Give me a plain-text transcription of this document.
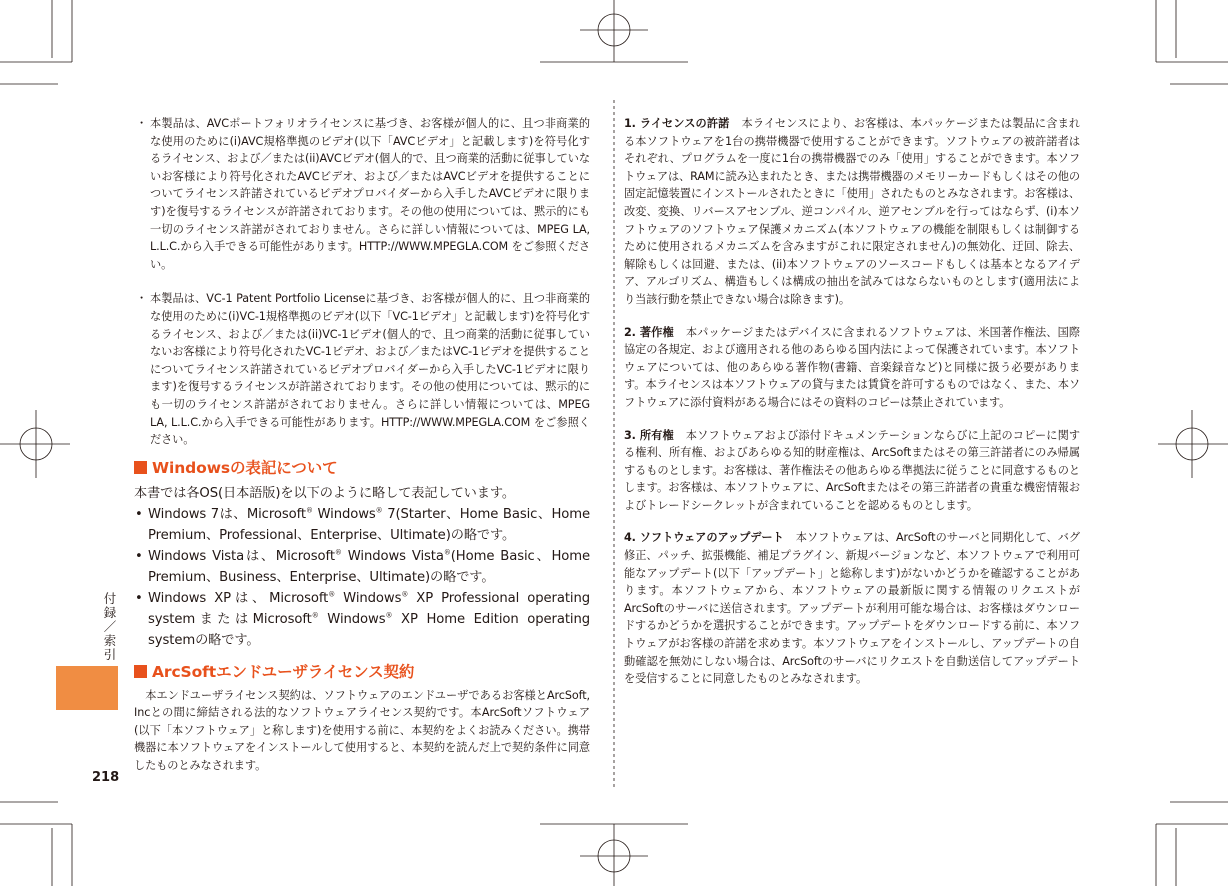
付
録
／
索
引
218
・ 本製品は、AVCポートフォリオライセンスに基づき、お客様が個人的に、且つ非商業的な使用のために(i)AVC規格準拠のビデオ(以下「AVCビデオ」と記載します)を符号化するライセンス、および／または(ii)AVCビデオ(個人的で、且つ商業的活動に従事していないお客様により符号化されたAVCビデオ、および／またはAVCビデオを提供することについてライセンス許諾されているビデオプロバイダーから入手したAVCビデオに限ります)を復号するライセンスが許諾されております。その他の使用については、黙示的にも一切のライセンス許諾がされておりません。さらに詳しい情報については、MPEG LA, L.L.C.から入手できる可能性があります。HTTP://WWW.MPEGLA.COM をご参照ください。
・ 本製品は、VC-1 Patent Portfolio Licenseに基づき、お客様が個人的に、且つ非商業的な使用のために(i)VC-1規格準拠のビデオ(以下「VC-1ビデオ」と記載します)を符号化するライセンス、および／または(ii)VC-1ビデオ(個人的で、且つ商業的活動に従事していないお客様により符号化されたVC-1ビデオ、および／またはVC-1ビデオを提供することについてライセンス許諾されているビデオプロバイダーから入手したVC-1ビデオに限ります)を復号するライセンスが許諾されております。その他の使用については、黙示的にも一切のライセンス許諾がされておりません。さらに詳しい情報については、MPEG LA, L.L.C.から入手できる可能性があります。HTTP://WWW.MPEGLA.COM をご参照ください。
Windowsの表記について
本書では各OS(日本語版)を以下のように略して表記しています。
• Windows 7は、Microsoft® Windows® 7(Starter、Home Basic、Home Premium、Professional、Enterprise、Ultimate)の略です。
• Windows Vistaは、Microsoft® Windows Vista®(Home Basic、Home Premium、Business、Enterprise、Ultimate)の略です。
• Windows XPは、Microsoft® Windows® XP Professional operating systemまたはMicrosoft® Windows® XP Home Edition operating systemの略です。
ArcSoftエンドユーザライセンス契約
本エンドユーザライセンス契約は、ソフトウェアのエンドユーザであるお客様とArcSoft, Incとの間に締結される法的なソフトウェアライセンス契約です。本ArcSoftソフトウェア(以下「本ソフトウェア」と称します)を使用する前に、本契約をよくお読みください。携帯機器に本ソフトウェアをインストールして使用すると、本契約を読んだ上で契約条件に同意したものとみなされます。
1. ライセンスの許諾 本ライセンスにより、お客様は、本パッケージまたは製品に含まれる本ソフトウェアを1台の携帯機器で使用することができます。ソフトウェアの被許諾者はそれぞれ、プログラムを一度に1台の携帯機器でのみ「使用」することができます。本ソフトウェアは、RAMに読み込まれたとき、または携帯機器のメモリーカードもしくはその他の固定記憶装置にインストールされたときに「使用」されたものとみなされます。お客様は、改変、変換、リバースアセンブル、逆コンパイル、逆アセンブルを行ってはならず、(i)本ソフトウェアのソフトウェア保護メカニズム(本ソフトウェアの機能を制限もしくは制御するために使用されるメカニズムを含みますがこれに限定されません)の無効化、迂回、除去、解除もしくは回避、または、(ii)本ソフトウェアのソースコードもしくは基本となるアイデア、アルゴリズム、構造もしくは構成の抽出を試みてはならないものとします(適用法により当該行動を禁止できない場合は除きます)。
2. 著作権 本パッケージまたはデバイスに含まれるソフトウェアは、米国著作権法、国際協定の各規定、および適用される他のあらゆる国内法によって保護されています。本ソフトウェアについては、他のあらゆる著作物(書籍、音楽録音など)と同様に扱う必要があります。本ライセンスは本ソフトウェアの貸与または賃貸を許可するものではなく、また、本ソフトウェアに添付資料がある場合にはその資料のコピーは禁止されています。
3. 所有権 本ソフトウェアおよび添付ドキュメンテーションならびに上記のコピーに関する権利、所有権、およびあらゆる知的財産権は、ArcSoftまたはその第三許諾者にのみ帰属するものとします。お客様は、著作権法その他あらゆる準拠法に従うことに同意するものとします。お客様は、本ソフトウェアに、ArcSoftまたはその第三許諾者の貴重な機密情報およびトレードシークレットが含まれていることを認めるものとします。
4. ソフトウェアのアップデート 本ソフトウェアは、ArcSoftのサーバと同期化して、バグ修正、パッチ、拡張機能、補足プラグイン、新規バージョンなど、本ソフトウェアで利用可能なアップデート(以下「アップデート」と総称します)がないかどうかを確認することがあります。本ソフトウェアから、本ソフトウェアの最新版に関する情報のリクエストがArcSoftのサーバに送信されます。アップデートが利用可能な場合は、お客様はダウンロードするかどうかを選択することができます。アップデートをダウンロードする前に、本ソフトウェアがお客様の許諾を求めます。本ソフトウェアをインストールし、アップデートの自動確認を無効にしない場合は、ArcSoftのサーバにリクエストを自動送信してアップデートを受信することに同意したものとみなされます。
